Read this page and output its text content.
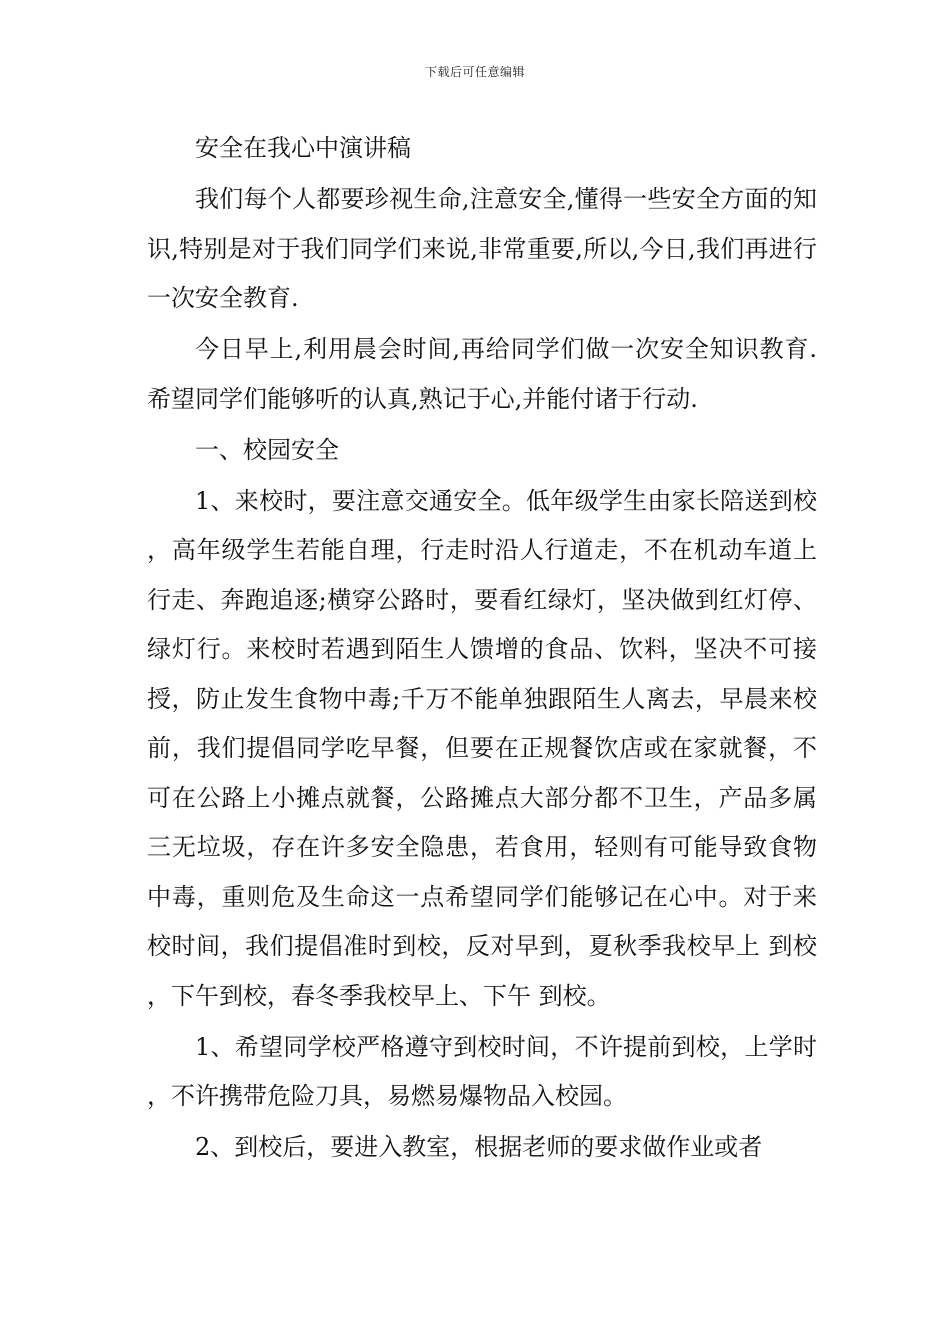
下载后可任意编辑

安全在我心中演讲稿

我们每个人都要珍视生命,注意安全,懂得一些安全方面的知识,特别是对于我们同学们来说,非常重要,所以,今日,我们再进行一次安全教育.

今日早上,利用晨会时间,再给同学们做一次安全知识教育.希望同学们能够听的认真,熟记于心,并能付诸于行动.

一、校园安全

1、来校时，要注意交通安全。低年级学生由家长陪送到校，高年级学生若能自理，行走时沿人行道走，不在机动车道上行走、奔跑追逐;横穿公路时，要看红绿灯，坚决做到红灯停、绿灯行。来校时若遇到陌生人馈增的食品、饮料，坚决不可接授，防止发生食物中毒;千万不能单独跟陌生人离去，早晨来校前，我们提倡同学吃早餐，但要在正规餐饮店或在家就餐，不可在公路上小摊点就餐，公路摊点大部分都不卫生，产品多属三无垃圾，存在许多安全隐患，若食用，轻则有可能导致食物中毒，重则危及生命这一点希望同学们能够记在心中。对于来校时间，我们提倡准时到校，反对早到，夏秋季我校早上 到校，下午到校，春冬季我校早上、下午 到校。

1、希望同学校严格遵守到校时间，不许提前到校，上学时，不许携带危险刀具，易燃易爆物品入校园。

2、到校后，要进入教室，根据老师的要求做作业或者
